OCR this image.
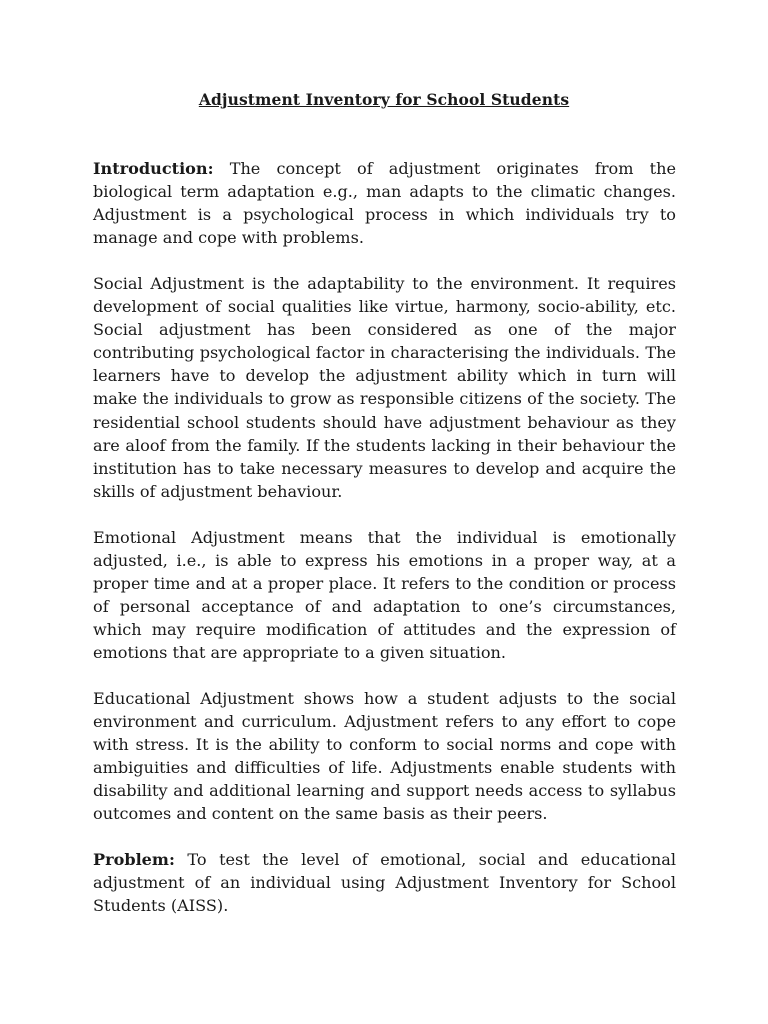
Adjustment Inventory for School Students

Introduction: The concept of adjustment originates from the biological term adaptation e.g., man adapts to the climatic changes. Adjustment is a psychological process in which individuals try to manage and cope with problems.

Social Adjustment is the adaptability to the environment. It requires development of social qualities like virtue, harmony, socio-ability, etc. Social adjustment has been considered as one of the major contributing psychological factor in characterising the individuals. The learners have to develop the adjustment ability which in turn will make the individuals to grow as responsible citizens of the society. The residential school students should have adjustment behaviour as they are aloof from the family. If the students lacking in their behaviour the institution has to take necessary measures to develop and acquire the skills of adjustment behaviour.

Emotional Adjustment means that the individual is emotionally adjusted, i.e., is able to express his emotions in a proper way, at a proper time and at a proper place. It refers to the condition or process of personal acceptance of and adaptation to one’s circumstances, which may require modification of attitudes and the expression of emotions that are appropriate to a given situation.

Educational Adjustment shows how a student adjusts to the social environment and curriculum. Adjustment refers to any effort to cope with stress. It is the ability to conform to social norms and cope with ambiguities and difficulties of life. Adjustments enable students with disability and additional learning and support needs access to syllabus outcomes and content on the same basis as their peers.

Problem: To test the level of emotional, social and educational adjustment of an individual using Adjustment Inventory for School Students (AISS).
